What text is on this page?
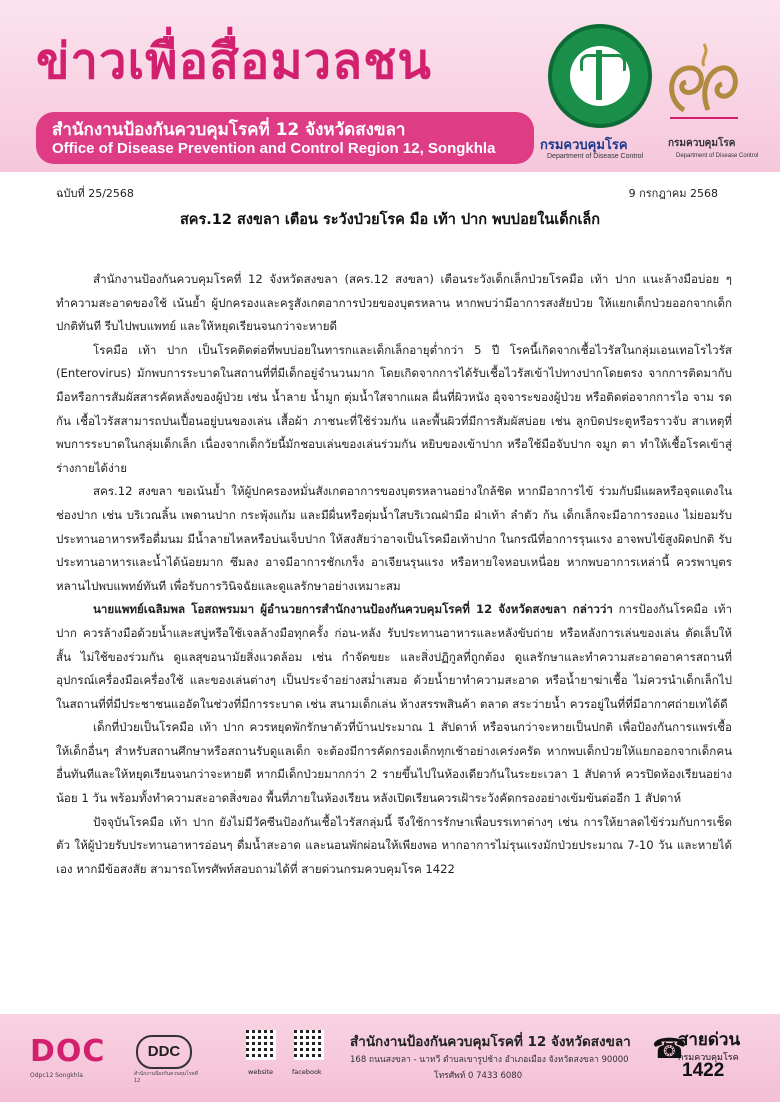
ข่าวเพื่อสื่อมวลชน
สำนักงานป้องกันควบคุมโรคที่ 12 จังหวัดสงขลา
Office of Disease Prevention and Control Region 12, Songkhla	กรมควบคุมโรค
Department of Disease Control
กรมควบคุมโรค
Department of Disease Control
ฉบับที่ 25/2568	9 กรกฎาคม 2568
สคร.12 สงขลา เตือน ระวังป่วยโรค มือ เท้า ปาก พบบ่อยในเด็กเล็ก

สำนักงานป้องกันควบคุมโรคที่ 12 จังหวัดสงขลา (สคร.12 สงขลา) เตือนระวังเด็กเล็กป่วยโรคมือ เท้า ปาก แนะล้างมือบ่อย ๆ ทำความสะอาดของใช้ เน้นย้ำ ผู้ปกครองและครูสังเกตอาการป่วยของบุตรหลาน หากพบว่ามีอาการสงสัยป่วย ให้แยกเด็กป่วยออกจากเด็กปกติทันที รีบไปพบแพทย์ และให้หยุดเรียนจนกว่าจะหายดี

โรคมือ เท้า ปาก เป็นโรคติดต่อที่พบบ่อยในทารกและเด็กเล็กอายุต่ำกว่า 5 ปี โรคนี้เกิดจากเชื้อไวรัสในกลุ่มเอนเทอโรไวรัส (Enterovirus) มักพบการระบาดในสถานที่ที่มีเด็กอยู่จำนวนมาก โดยเกิดจากการได้รับเชื้อไวรัสเข้าไปทางปากโดยตรง จากการติดมากับมือหรือการสัมผัสสารคัดหลั่งของผู้ป่วย เช่น น้ำลาย น้ำมูก ตุ่มน้ำใสจากแผล ผื่นที่ผิวหนัง อุจจาระของผู้ป่วย หรือติดต่อจากการไอ จาม รดกัน เชื้อไวรัสสามารถปนเปื้อนอยู่บนของเล่น เสื้อผ้า ภาชนะที่ใช้ร่วมกัน และพื้นผิวที่มีการสัมผัสบ่อย เช่น ลูกบิดประตูหรือราวจับ สาเหตุที่พบการระบาดในกลุ่มเด็กเล็ก เนื่องจากเด็กวัยนี้มักชอบเล่นของเล่นร่วมกัน หยิบของเข้าปาก หรือใช้มือจับปาก จมูก ตา ทำให้เชื้อโรคเข้าสู่ร่างกายได้ง่าย

สคร.12 สงขลา ขอเน้นย้ำ ให้ผู้ปกครองหมั่นสังเกตอาการของบุตรหลานอย่างใกล้ชิด หากมีอาการไข้ ร่วมกับมีแผลหรือจุดแดงในช่องปาก เช่น บริเวณลิ้น เพดานปาก กระพุ้งแก้ม และมีผื่นหรือตุ่มน้ำใสบริเวณฝ่ามือ ฝ่าเท้า ลำตัว ก้น เด็กเล็กจะมีอาการงอแง ไม่ยอมรับประทานอาหารหรือดื่มนม มีน้ำลายไหลหรือบ่นเจ็บปาก ให้สงสัยว่าอาจเป็นโรคมือเท้าปาก ในกรณีที่อาการรุนแรง อาจพบไข้สูงผิดปกติ รับประทานอาหารและน้ำได้น้อยมาก ซึมลง อาจมีอาการชักเกร็ง อาเจียนรุนแรง หรือหายใจหอบเหนื่อย หากพบอาการเหล่านี้ ควรพาบุตรหลานไปพบแพทย์ทันที เพื่อรับการวินิจฉัยและดูแลรักษาอย่างเหมาะสม

นายแพทย์เฉลิมพล โอสถพรมมา ผู้อำนวยการสำนักงานป้องกันควบคุมโรคที่ 12 จังหวัดสงขลา กล่าวว่า การป้องกันโรคมือ เท้า ปาก ควรล้างมือด้วยน้ำและสบู่หรือใช้เจลล้างมือทุกครั้ง ก่อน-หลัง รับประทานอาหารและหลังขับถ่าย หรือหลังการเล่นของเล่น ตัดเล็บให้สั้น ไม่ใช้ของร่วมกัน ดูแลสุขอนามัยสิ่งแวดล้อม เช่น กำจัดขยะ และสิ่งปฏิกูลที่ถูกต้อง ดูแลรักษาและทำความสะอาดอาคารสถานที่ อุปกรณ์เครื่องมือเครื่องใช้ และของเล่นต่างๆ เป็นประจำอย่างสม่ำเสมอ ด้วยน้ำยาทำความสะอาด หรือน้ำยาฆ่าเชื้อ ไม่ควรนำเด็กเล็กไปในสถานที่ที่มีประชาชนแออัดในช่วงที่มีการระบาด เช่น สนามเด็กเล่น ห้างสรรพสินค้า ตลาด สระว่ายน้ำ ควรอยู่ในที่ที่มีอากาศถ่ายเทได้ดี

เด็กที่ป่วยเป็นโรคมือ เท้า ปาก ควรหยุดพักรักษาตัวที่บ้านประมาณ 1 สัปดาห์ หรือจนกว่าจะหายเป็นปกติ เพื่อป้องกันการแพร่เชื้อให้เด็กอื่นๆ สำหรับสถานศึกษาหรือสถานรับดูแลเด็ก จะต้องมีการคัดกรองเด็กทุกเช้าอย่างเคร่งครัด หากพบเด็กป่วยให้แยกออกจากเด็กคนอื่นทันทีและให้หยุดเรียนจนกว่าจะหายดี หากมีเด็กป่วยมากกว่า 2 รายขึ้นไปในห้องเดียวกันในระยะเวลา 1 สัปดาห์ ควรปิดห้องเรียนอย่างน้อย 1 วัน พร้อมทั้งทำความสะอาดสิ่งของ พื้นที่ภายในห้องเรียน หลังเปิดเรียนควรเฝ้าระวังคัดกรองอย่างเข้มข้นต่ออีก 1 สัปดาห์

ปัจจุบันโรคมือ เท้า ปาก ยังไม่มีวัคซีนป้องกันเชื้อไวรัสกลุ่มนี้ จึงใช้การรักษาเพื่อบรรเทาต่างๆ เช่น การให้ยาลดไข้ร่วมกับการเช็ดตัว ให้ผู้ป่วยรับประทานอาหารอ่อนๆ ดื่มน้ำสะอาด และนอนพักผ่อนให้เพียงพอ หากอาการไม่รุนแรงมักป่วยประมาณ 7-10 วัน และหายได้เอง หากมีข้อสงสัย สามารถโทรศัพท์สอบถามได้ที่ สายด่วนกรมควบคุมโรค 1422

DOC
Odpc12 Songkhla
DDC
สำนักงานป้องกันควบคุมโรคที่ 12
website	facebook
สำนักงานป้องกันควบคุมโรคที่ 12 จังหวัดสงขลา
168 ถนนสงขลา - นาทวี ตำบลเขารูปช้าง อำเภอเมือง จังหวัดสงขลา 90000
โทรศัพท์ 0 7433 6080
☎
สายด่วน
กรมควบคุมโรค
1422
